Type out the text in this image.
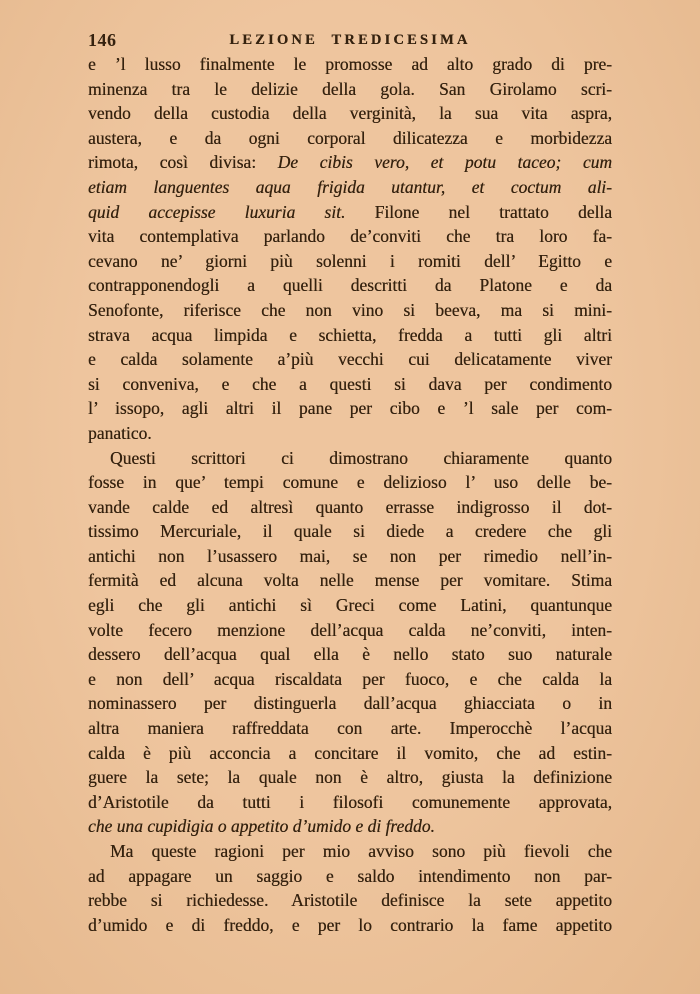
146	LEZIONE TREDICESIMA
e ’l lusso finalmente le promosse ad alto grado di pre-
minenza tra le delizie della gola. San Girolamo scri-
vendo della custodia della verginità, la sua vita aspra,
austera, e da ogni corporal dilicatezza e morbidezza
rimota, così divisa: De cibis vero, et potu taceo; cum
etiam languentes aqua frigida utantur, et coctum ali-
quid accepisse luxuria sit. Filone nel trattato della
vita contemplativa parlando de’conviti che tra loro fa-
cevano ne’ giorni più solenni i romiti dell’ Egitto e
contrapponendogli a quelli descritti da Platone e da
Senofonte, riferisce che non vino si beeva, ma si mini-
strava acqua limpida e schietta, fredda a tutti gli altri
e calda solamente a’più vecchi cui delicatamente viver
si conveniva, e che a questi si dava per condimento
l’ issopo, agli altri il pane per cibo e ’l sale per com-
panatico.
Questi scrittori ci dimostrano chiaramente quanto
fosse in que’ tempi comune e delizioso l’ uso delle be-
vande calde ed altresì quanto errasse indigrosso il dot-
tissimo Mercuriale, il quale si diede a credere che gli
antichi non l’usassero mai, se non per rimedio nell’in-
fermità ed alcuna volta nelle mense per vomitare. Stima
egli che gli antichi sì Greci come Latini, quantunque
volte fecero menzione dell’acqua calda ne’conviti, inten-
dessero dell’acqua qual ella è nello stato suo naturale
e non dell’ acqua riscaldata per fuoco, e che calda la
nominassero per distinguerla dall’acqua ghiacciata o in
altra maniera raffreddata con arte. Imperocchè l’acqua
calda è più acconcia a concitare il vomito, che ad estin-
guere la sete; la quale non è altro, giusta la definizione
d’Aristotile da tutti i filosofi comunemente approvata,
che una cupidigia o appetito d’umido e di freddo.
Ma queste ragioni per mio avviso sono più fievoli che
ad appagare un saggio e saldo intendimento non par-
rebbe si richiedesse. Aristotile definisce la sete appetito
d’umido e di freddo, e per lo contrario la fame appetito
